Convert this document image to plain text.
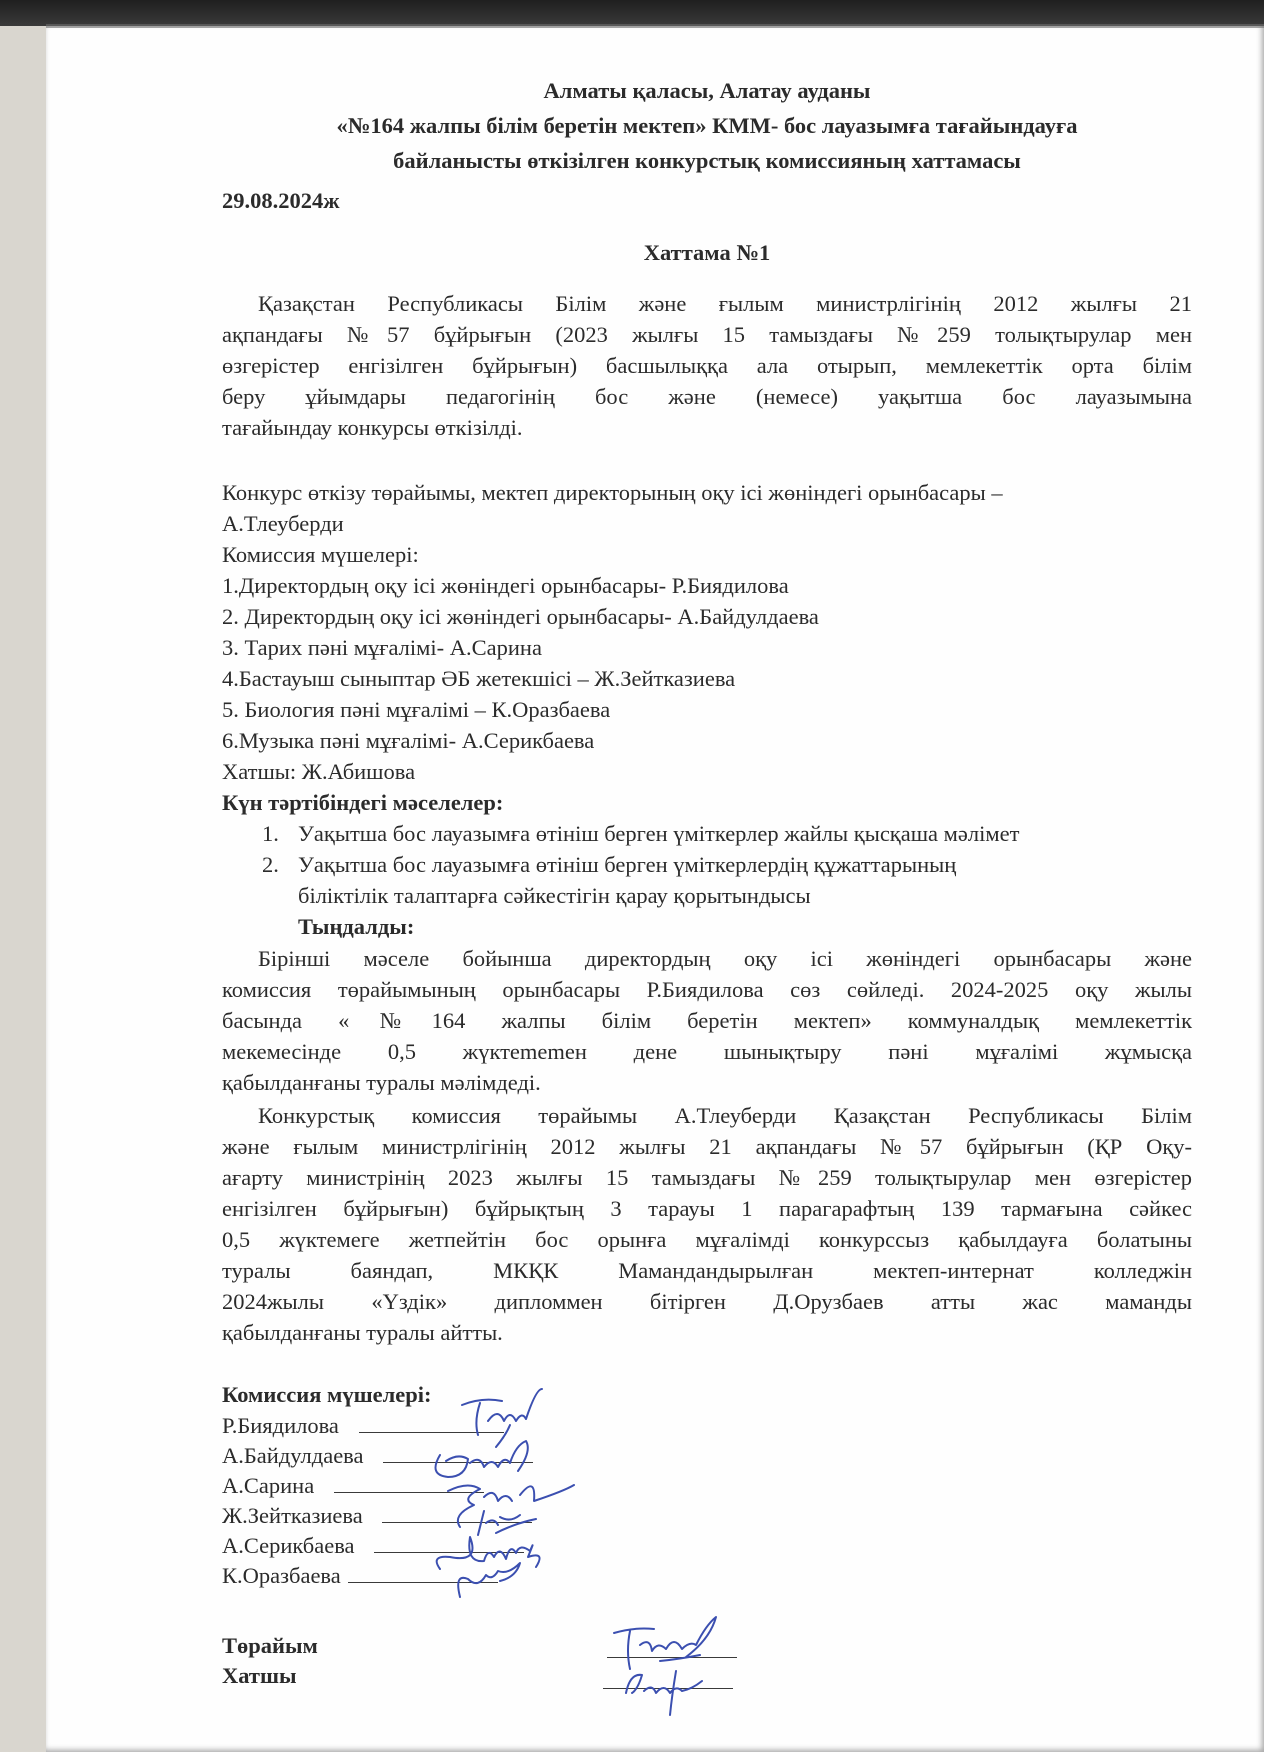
Алматы қаласы, Алатау ауданы
«№164 жалпы білім беретін мектеп» КММ- бос лауазымға тағайындауға
байланысты өткізілген конкурстық комиссияның хаттамасы
29.08.2024ж
Хаттама №1
Қазақстан Республикасы Білім және ғылым министрлігінің 2012 жылғы 21
ақпандағы №57 бұйрығын (2023 жылғы 15 тамыздағы №259 толықтырулар мен
өзгерістер енгізілген бұйрығын) басшылыққа ала отырып, мемлекеттік орта білім
беру ұйымдары педагогінің бос және (немесе) уақытша бос лауазымына
тағайындау конкурсы өткізілді.
Конкурс өткізу төрайымы, мектеп директорының оқу ісі жөніндегі орынбасары –
А.Тлеуберди
Комиссия мүшелері:
1.Директордың оқу ісі жөніндегі орынбасары- Р.Биядилова
2. Директордың оқу ісі жөніндегі орынбасары- А.Байдулдаева
3. Тарих пәні мұғалімі- А.Сарина
4.Бастауыш сыныптар ӘБ жетекшісі – Ж.Зейтказиева
5. Биология пәні мұғалімі – К.Оразбаева
6.Музыка пәні мұғалімі- А.Серикбаева
Хатшы: Ж.Абишова
Күн тәртібіндегі мәселелер:
1. Уақытша бос лауазымға өтініш берген үміткерлер жайлы қысқаша мәлімет
2. Уақытша бос лауазымға өтініш берген үміткерлердің құжаттарының
біліктілік талаптарға сәйкестігін қарау қорытындысы
Тыңдалды:
Бірінші мәселе бойынша директордың оқу ісі жөніндегі орынбасары және
комиссия төрайымының орынбасары Р.Биядилова сөз сөйледі. 2024-2025 оқу жылы
басында «№164 жалпы білім беретін мектеп» коммуналдық мемлекеттік
мекемесінде 0,5 жүктememен дене шынықтыру пәні мұғалімі жұмысқа
қабылданғаны туралы мәлімдеді.
Конкурстық комиссия төрайымы А.Тлеуберди Қазақстан Республикасы Білім
және ғылым министрлігінің 2012 жылғы 21 ақпандағы №57 бұйрығын (ҚР Оқу-
ағарту министрінің 2023 жылғы 15 тамыздағы №259 толықтырулар мен өзгерістер
енгізілген бұйрығын) бұйрықтың 3 тарауы 1 парагарафтың 139 тармағына сәйкес
0,5 жүктемеге жетпейтін бос орынға мұғалімді конкурссыз қабылдауға болатыны
туралы баяндап, МКҚК Мамандандырылған мектеп-интернат колледжін
2024жылы «Үздік» дипломмен бітірген Д.Орузбаев атты жас маманды
қабылданғаны туралы айтты.
Комиссия мүшелері:
Р.Биядилова
А.Байдулдаева
А.Сарина
Ж.Зейтказиева
А.Серикбаева
К.Оразбаева
Төрайым
Хатшы
